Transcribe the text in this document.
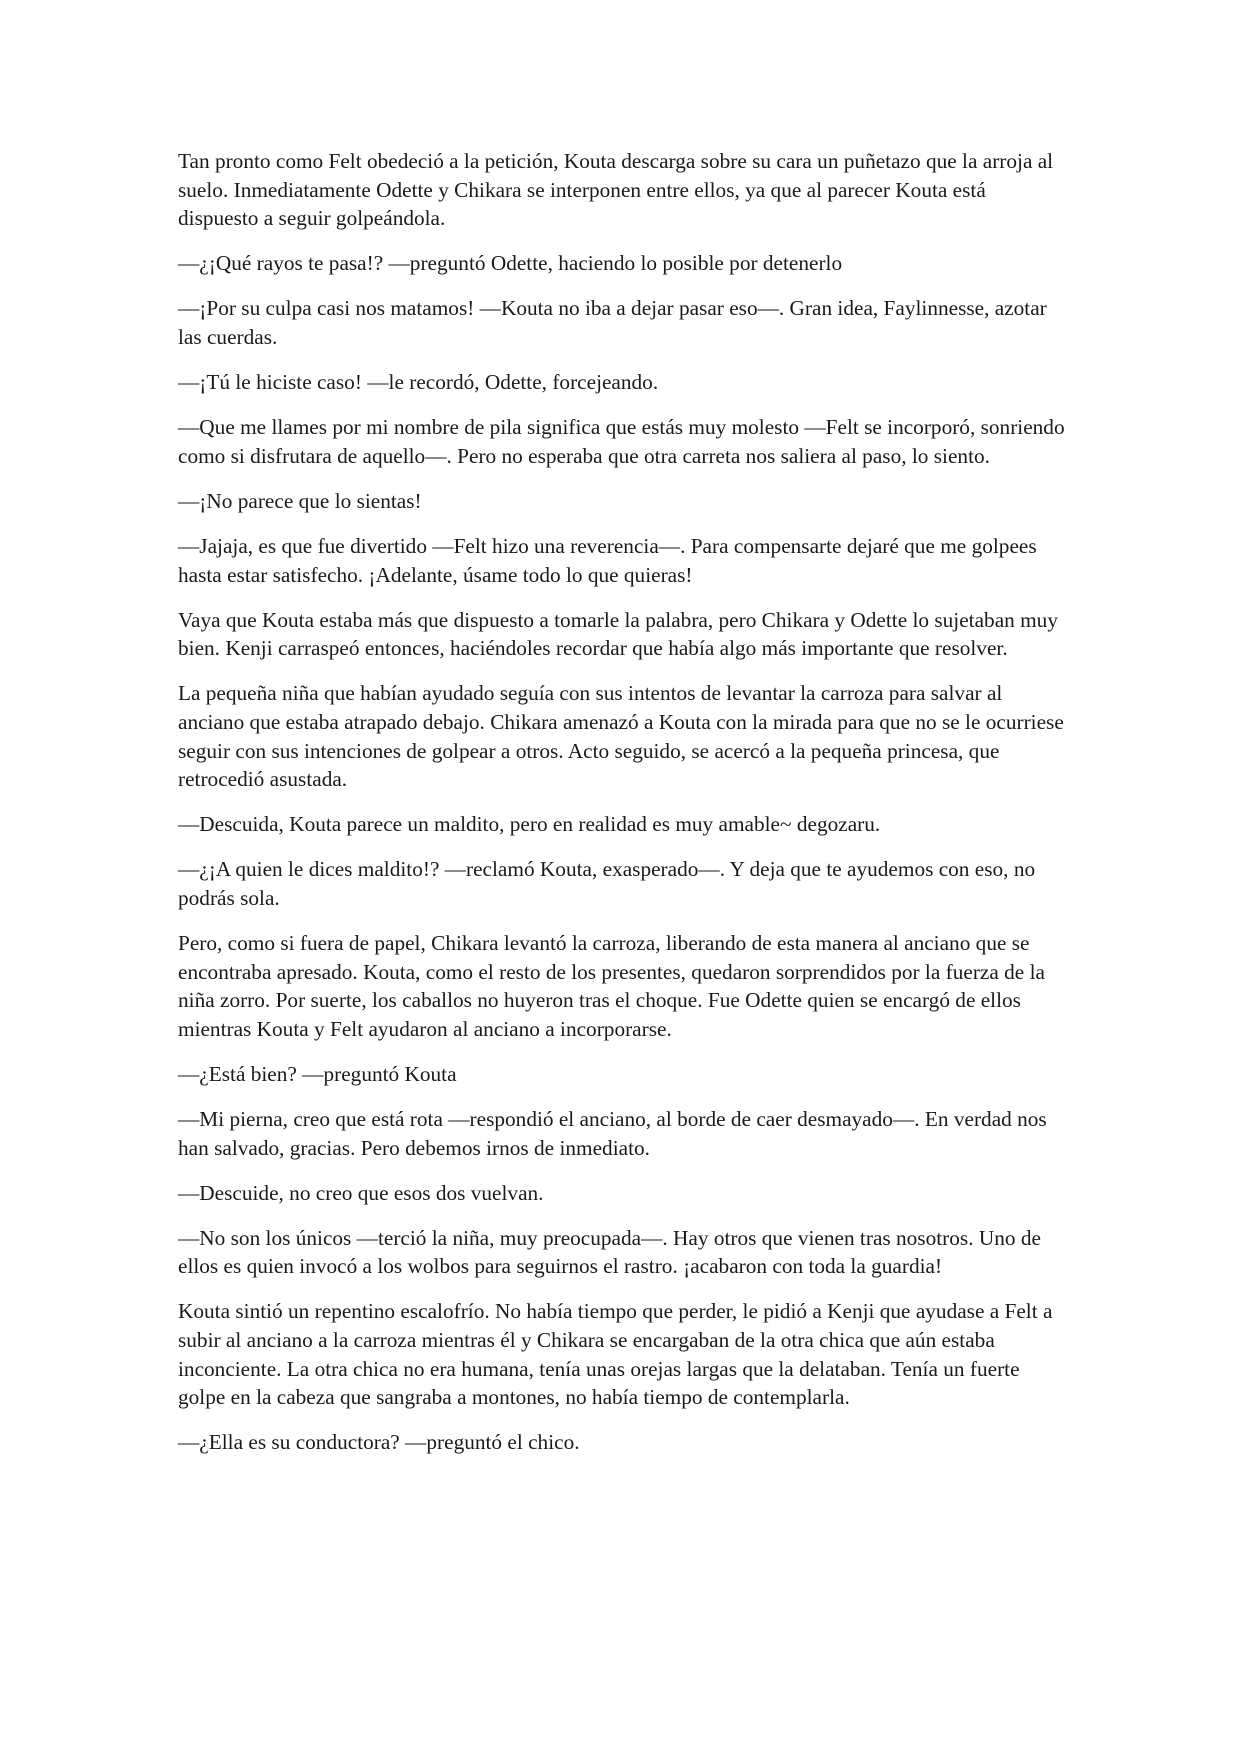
Tan pronto como Felt obedeció a la petición, Kouta descarga sobre su cara un puñetazo que la arroja al suelo. Inmediatamente Odette y Chikara se interponen entre ellos, ya que al parecer Kouta está dispuesto a seguir golpeándola.

—¿¡Qué rayos te pasa!? —preguntó Odette, haciendo lo posible por detenerlo

—¡Por su culpa casi nos matamos! —Kouta no iba a dejar pasar eso—. Gran idea, Faylinnesse, azotar las cuerdas.

—¡Tú le hiciste caso! —le recordó, Odette, forcejeando.

—Que me llames por mi nombre de pila significa que estás muy molesto —Felt se incorporó, sonriendo como si disfrutara de aquello—. Pero no esperaba que otra carreta nos saliera al paso, lo siento.

—¡No parece que lo sientas!

—Jajaja, es que fue divertido —Felt hizo una reverencia—. Para compensarte dejaré que me golpees hasta estar satisfecho. ¡Adelante, úsame todo lo que quieras!

Vaya que Kouta estaba más que dispuesto a tomarle la palabra, pero Chikara y Odette lo sujetaban muy bien. Kenji carraspeó entonces, haciéndoles recordar que había algo más importante que resolver.

La pequeña niña que habían ayudado seguía con sus intentos de levantar la carroza para salvar al anciano que estaba atrapado debajo. Chikara amenazó a Kouta con la mirada para que no se le ocurriese seguir con sus intenciones de golpear a otros. Acto seguido, se acercó a la pequeña princesa, que retrocedió asustada.

—Descuida, Kouta parece un maldito, pero en realidad es muy amable~ degozaru.

—¿¡A quien le dices maldito!? —reclamó Kouta, exasperado—. Y deja que te ayudemos con eso, no podrás sola.

Pero, como si fuera de papel, Chikara levantó la carroza, liberando de esta manera al anciano que se encontraba apresado. Kouta, como el resto de los presentes, quedaron sorprendidos por la fuerza de la niña zorro. Por suerte, los caballos no huyeron tras el choque. Fue Odette quien se encargó de ellos mientras Kouta y Felt ayudaron al anciano a incorporarse.

—¿Está bien? —preguntó Kouta

—Mi pierna, creo que está rota —respondió el anciano, al borde de caer desmayado—. En verdad nos han salvado, gracias. Pero debemos irnos de inmediato.

—Descuide, no creo que esos dos vuelvan.

—No son los únicos —terció la niña, muy preocupada—. Hay otros que vienen tras nosotros. Uno de ellos es quien invocó a los wolbos para seguirnos el rastro. ¡acabaron con toda la guardia!

Kouta sintió un repentino escalofrío. No había tiempo que perder, le pidió a Kenji que ayudase a Felt a subir al anciano a la carroza mientras él y Chikara se encargaban de la otra chica que aún estaba inconciente. La otra chica no era humana, tenía unas orejas largas que la delataban. Tenía un fuerte golpe en la cabeza que sangraba a montones, no había tiempo de contemplarla.

—¿Ella es su conductora? —preguntó el chico.
